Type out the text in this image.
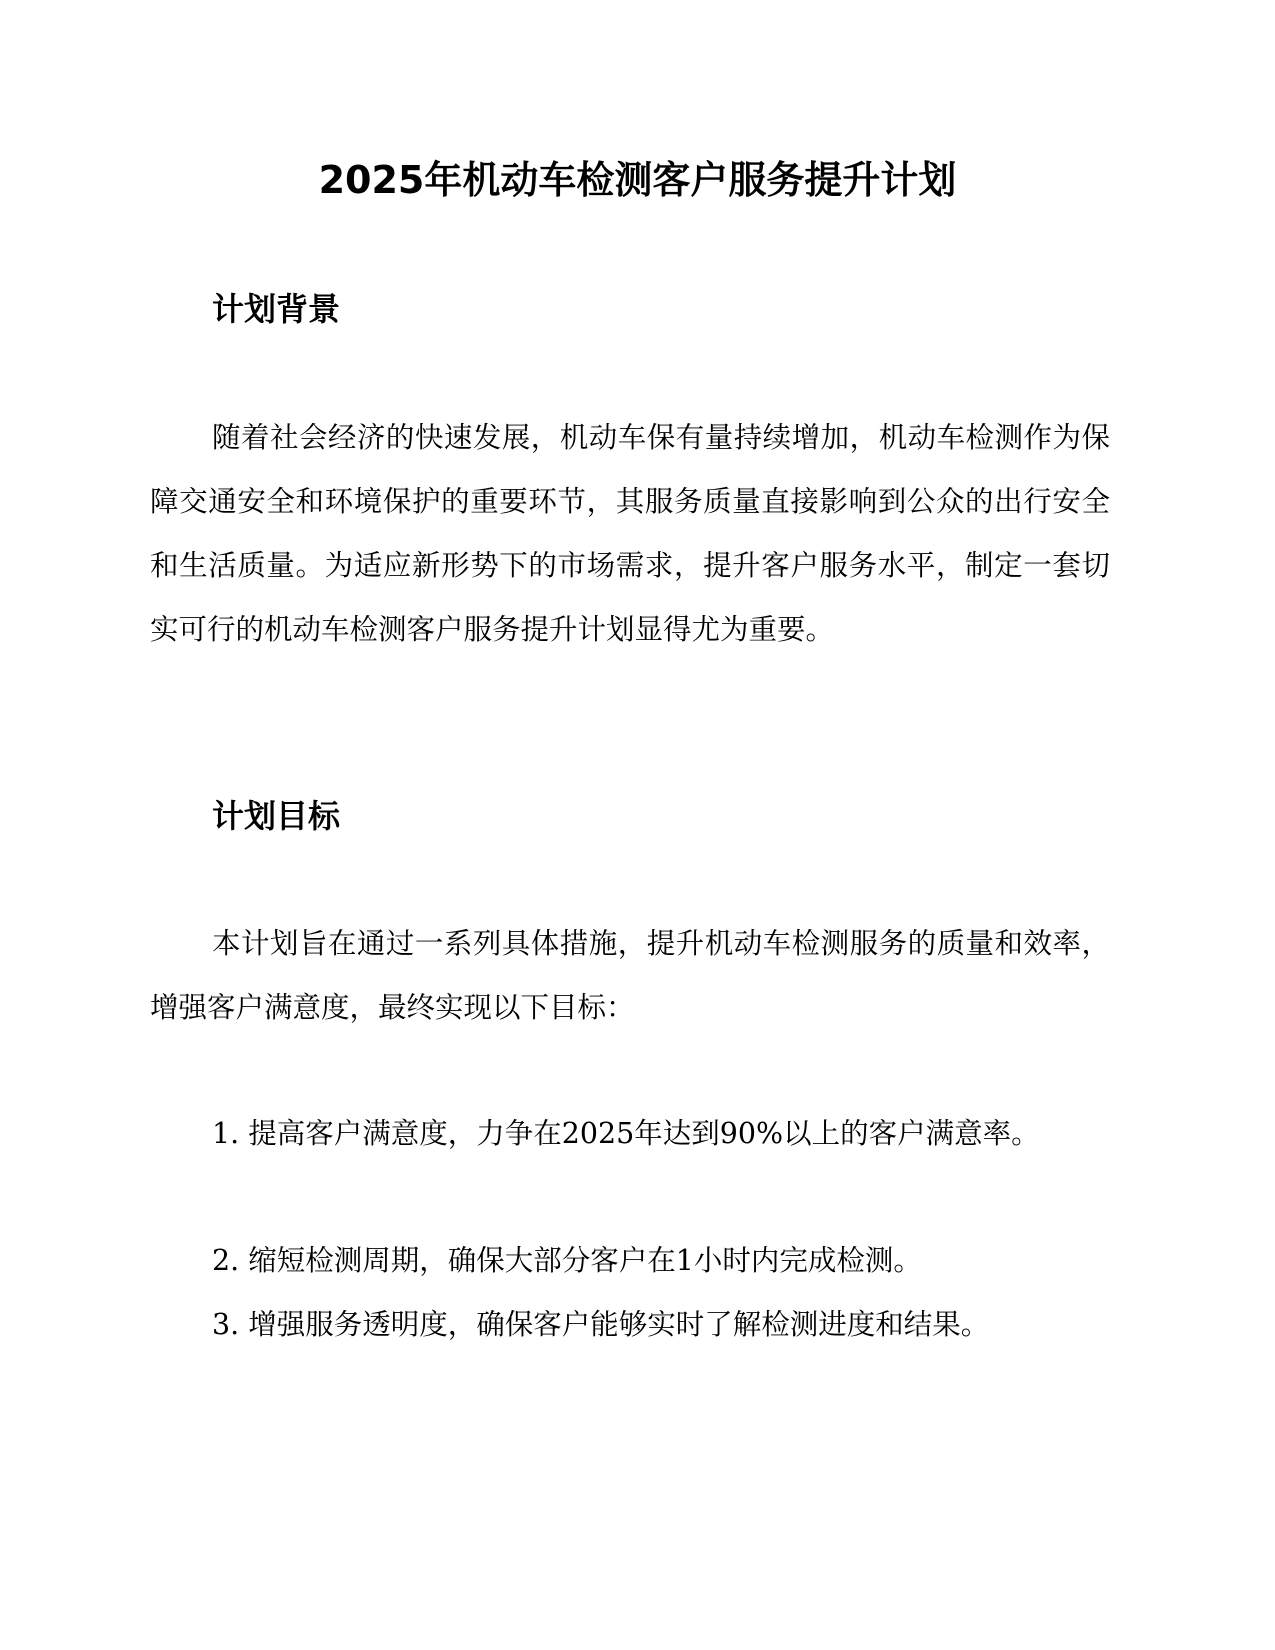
2025年机动车检测客户服务提升计划
计划背景

随着社会经济的快速发展，机动车保有量持续增加，机动车检测作为保障交通安全和环境保护的重要环节，其服务质量直接影响到公众的出行安全和生活质量。为适应新形势下的市场需求，提升客户服务水平，制定一套切实可行的机动车检测客户服务提升计划显得尤为重要。

计划目标

本计划旨在通过一系列具体措施，提升机动车检测服务的质量和效率，增强客户满意度，最终实现以下目标：

1. 提高客户满意度，力争在2025年达到90%以上的客户满意率。

2. 缩短检测周期，确保大部分客户在1小时内完成检测。

3. 增强服务透明度，确保客户能够实时了解检测进度和结果。
